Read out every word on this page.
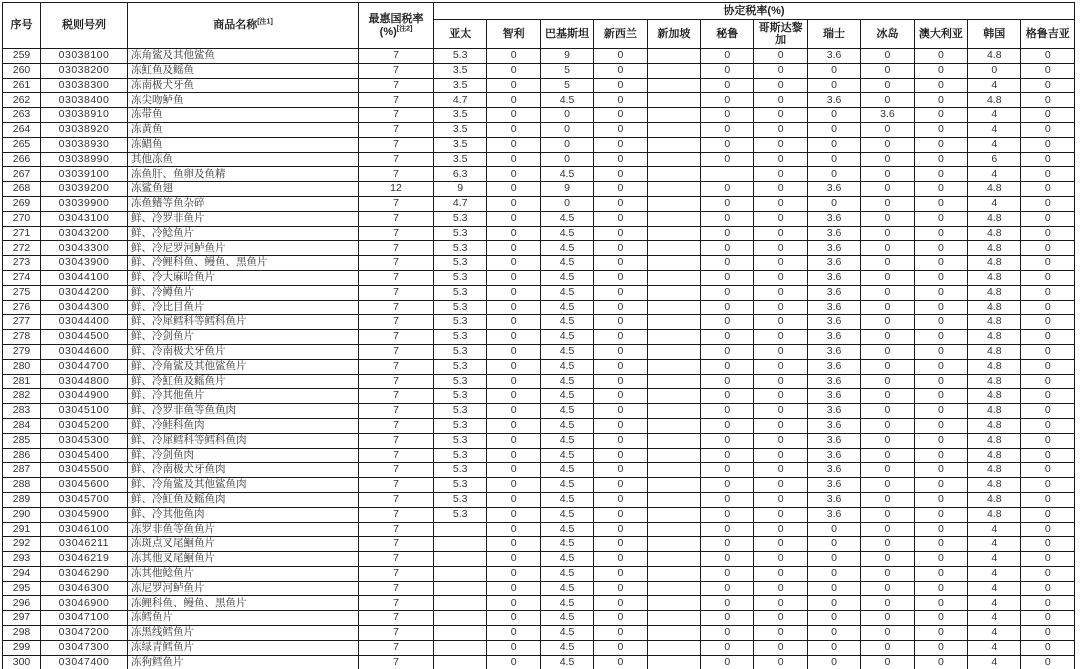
序号	税则号列	商品名称[注1]	最惠国税率
(%)[注2]	协定税率(%)											
				亚太	智利	巴基斯坦	新西兰	新加坡	秘鲁	哥斯达黎加	瑞士	冰岛	澳大利亚	韩国	格鲁吉亚
259	03038100	冻角鲨及其他鲨鱼	7	5.3	0	9	0		0	0	3.6	0	0	4.8	0
260	03038200	冻魟鱼及鳐鱼	7	3.5	0	5	0		0	0	0	0	0	0	0
261	03038300	冻南极犬牙鱼	7	3.5	0	5	0		0	0	0	0	0	4	0
262	03038400	冻尖吻鲈鱼	7	4.7	0	4.5	0		0	0	3.6	0	0	4.8	0
263	03038910	冻带鱼	7	3.5	0	0	0		0	0	0	3.6	0	4	0
264	03038920	冻黄鱼	7	3.5	0	0	0		0	0	0	0	0	4	0
265	03038930	冻鲳鱼	7	3.5	0	0	0		0	0	0	0	0	4	0
266	03038990	其他冻鱼	7	3.5	0	0	0		0	0	0	0	0	6	0
267	03039100	冻鱼肝、鱼卵及鱼精	7	6.3	0	4.5	0			0	0	0	0	4	0
268	03039200	冻鲨鱼翅	12	9	0	9	0		0	0	3.6	0	0	4.8	0
269	03039900	冻鱼鳍等鱼杂碎	7	4.7	0	0	0		0	0	0	0	0	4	0
270	03043100	鲜、冷罗非鱼片	7	5.3	0	4.5	0		0	0	3.6	0	0	4.8	0
271	03043200	鲜、冷鲶鱼片	7	5.3	0	4.5	0		0	0	3.6	0	0	4.8	0
272	03043300	鲜、冷尼罗河鲈鱼片	7	5.3	0	4.5	0		0	0	3.6	0	0	4.8	0
273	03043900	鲜、冷鲤科鱼、鳗鱼、黑鱼片	7	5.3	0	4.5	0		0	0	3.6	0	0	4.8	0
274	03044100	鲜、冷大麻哈鱼片	7	5.3	0	4.5	0		0	0	3.6	0	0	4.8	0
275	03044200	鲜、冷鳟鱼片	7	5.3	0	4.5	0		0	0	3.6	0	0	4.8	0
276	03044300	鲜、冷比目鱼片	7	5.3	0	4.5	0		0	0	3.6	0	0	4.8	0
277	03044400	鲜、冷犀鳕科等鳕科鱼片	7	5.3	0	4.5	0		0	0	3.6	0	0	4.8	0
278	03044500	鲜、冷剑鱼片	7	5.3	0	4.5	0		0	0	3.6	0	0	4.8	0
279	03044600	鲜、冷南极犬牙鱼片	7	5.3	0	4.5	0		0	0	3.6	0	0	4.8	0
280	03044700	鲜、冷角鲨及其他鲨鱼片	7	5.3	0	4.5	0		0	0	3.6	0	0	4.8	0
281	03044800	鲜、冷魟鱼及鳐鱼片	7	5.3	0	4.5	0		0	0	3.6	0	0	4.8	0
282	03044900	鲜、冷其他鱼片	7	5.3	0	4.5	0		0	0	3.6	0	0	4.8	0
283	03045100	鲜、冷罗非鱼等鱼鱼肉	7	5.3	0	4.5	0		0	0	3.6	0	0	4.8	0
284	03045200	鲜、冷鲑科鱼肉	7	5.3	0	4.5	0		0	0	3.6	0	0	4.8	0
285	03045300	鲜、冷犀鳕科等鳕科鱼肉	7	5.3	0	4.5	0		0	0	3.6	0	0	4.8	0
286	03045400	鲜、冷剑鱼肉	7	5.3	0	4.5	0		0	0	3.6	0	0	4.8	0
287	03045500	鲜、冷南极犬牙鱼肉	7	5.3	0	4.5	0		0	0	3.6	0	0	4.8	0
288	03045600	鲜、冷角鲨及其他鲨鱼肉	7	5.3	0	4.5	0		0	0	3.6	0	0	4.8	0
289	03045700	鲜、冷魟鱼及鳐鱼肉	7	5.3	0	4.5	0		0	0	3.6	0	0	4.8	0
290	03045900	鲜、冷其他鱼肉	7	5.3	0	4.5	0		0	0	3.6	0	0	4.8	0
291	03046100	冻罗非鱼等鱼鱼片	7		0	4.5	0		0	0	0	0	0	4	0
292	03046211	冻斑点叉尾鮰鱼片	7		0	4.5	0		0	0	0	0	0	4	0
293	03046219	冻其他叉尾鮰鱼片	7		0	4.5	0		0	0	0	0	0	4	0
294	03046290	冻其他鲶鱼片	7		0	4.5	0		0	0	0	0	0	4	0
295	03046300	冻尼罗河鲈鱼片	7		0	4.5	0		0	0	0	0	0	4	0
296	03046900	冻鲤科鱼、鳗鱼、黑鱼片	7		0	4.5	0		0	0	0	0	0	4	0
297	03047100	冻鳕鱼片	7		0	4.5	0		0	0	0	0	0	4	0
298	03047200	冻黑线鳕鱼片	7		0	4.5	0		0	0	0	0	0	4	0
299	03047300	冻绿青鳕鱼片	7		0	4.5	0		0	0	0	0	0	4	0
300	03047400	冻狗鳕鱼片	7		0	4.5	0		0	0	0	0	0	4	0
